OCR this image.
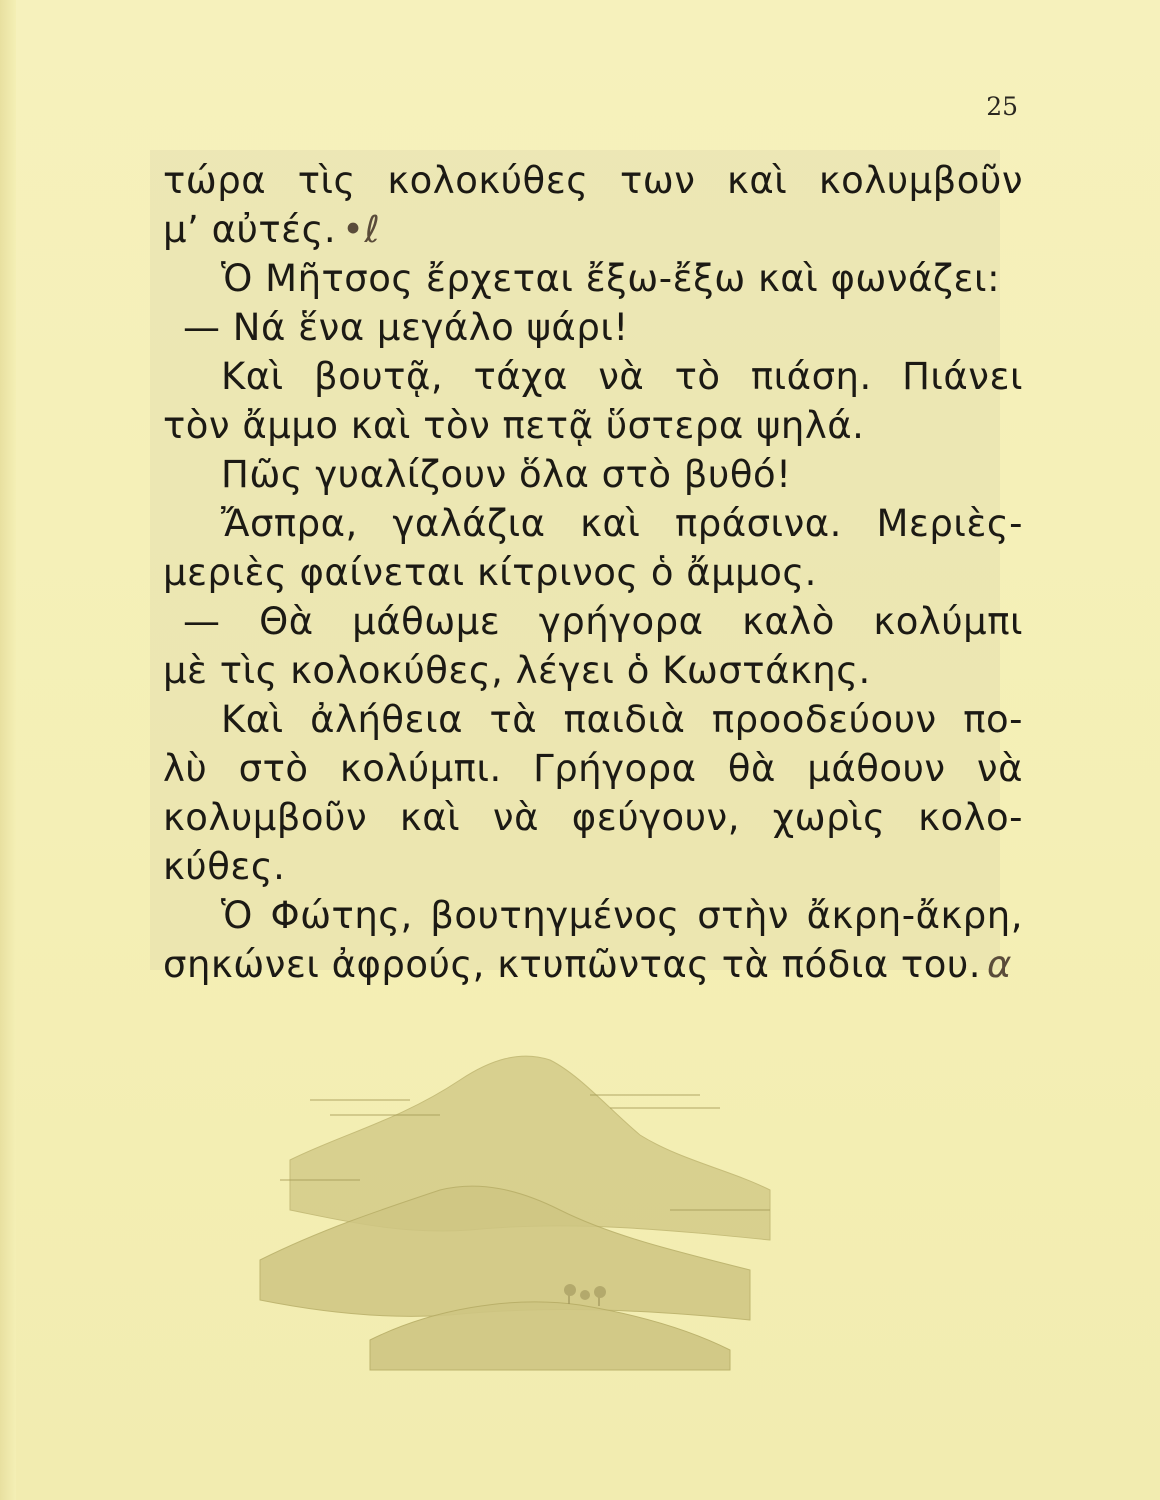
25
τώρα τὶς κολοκύθες των καὶ κολυμβοῦν
μ’ αὐτές. •ℓ
Ὁ Μῆτσος ἔρχεται ἔξω-ἔξω καὶ φωνάζει:
— Νά ἕνα μεγάλο ψάρι!
Καὶ βουτᾷ, τάχα νὰ τὸ πιάση. Πιάνει
τὸν ἄμμο καὶ τὸν πετᾷ ὕστερα ψηλά.
Πῶς γυαλίζουν ὅλα στὸ βυθό!
Ἄσπρα, γαλάζια καὶ πράσινα. Μεριὲς-
μεριὲς φαίνεται κίτρινος ὁ ἄμμος.
— Θὰ μάθωμε γρήγορα καλὸ κολύμπι
μὲ τὶς κολοκύθες, λέγει ὁ Κωστάκης.
Καὶ ἀλήθεια τὰ παιδιὰ προοδεύουν πο-
λὺ στὸ κολύμπι. Γρήγορα θὰ μάθουν νὰ
κολυμβοῦν καὶ νὰ φεύγουν, χωρὶς κολο-
κύθες.
Ὁ Φώτης, βουτηγμένος στὴν ἄκρη-ἄκρη,
σηκώνει ἀφρούς, κτυπῶντας τὰ πόδια του. α
